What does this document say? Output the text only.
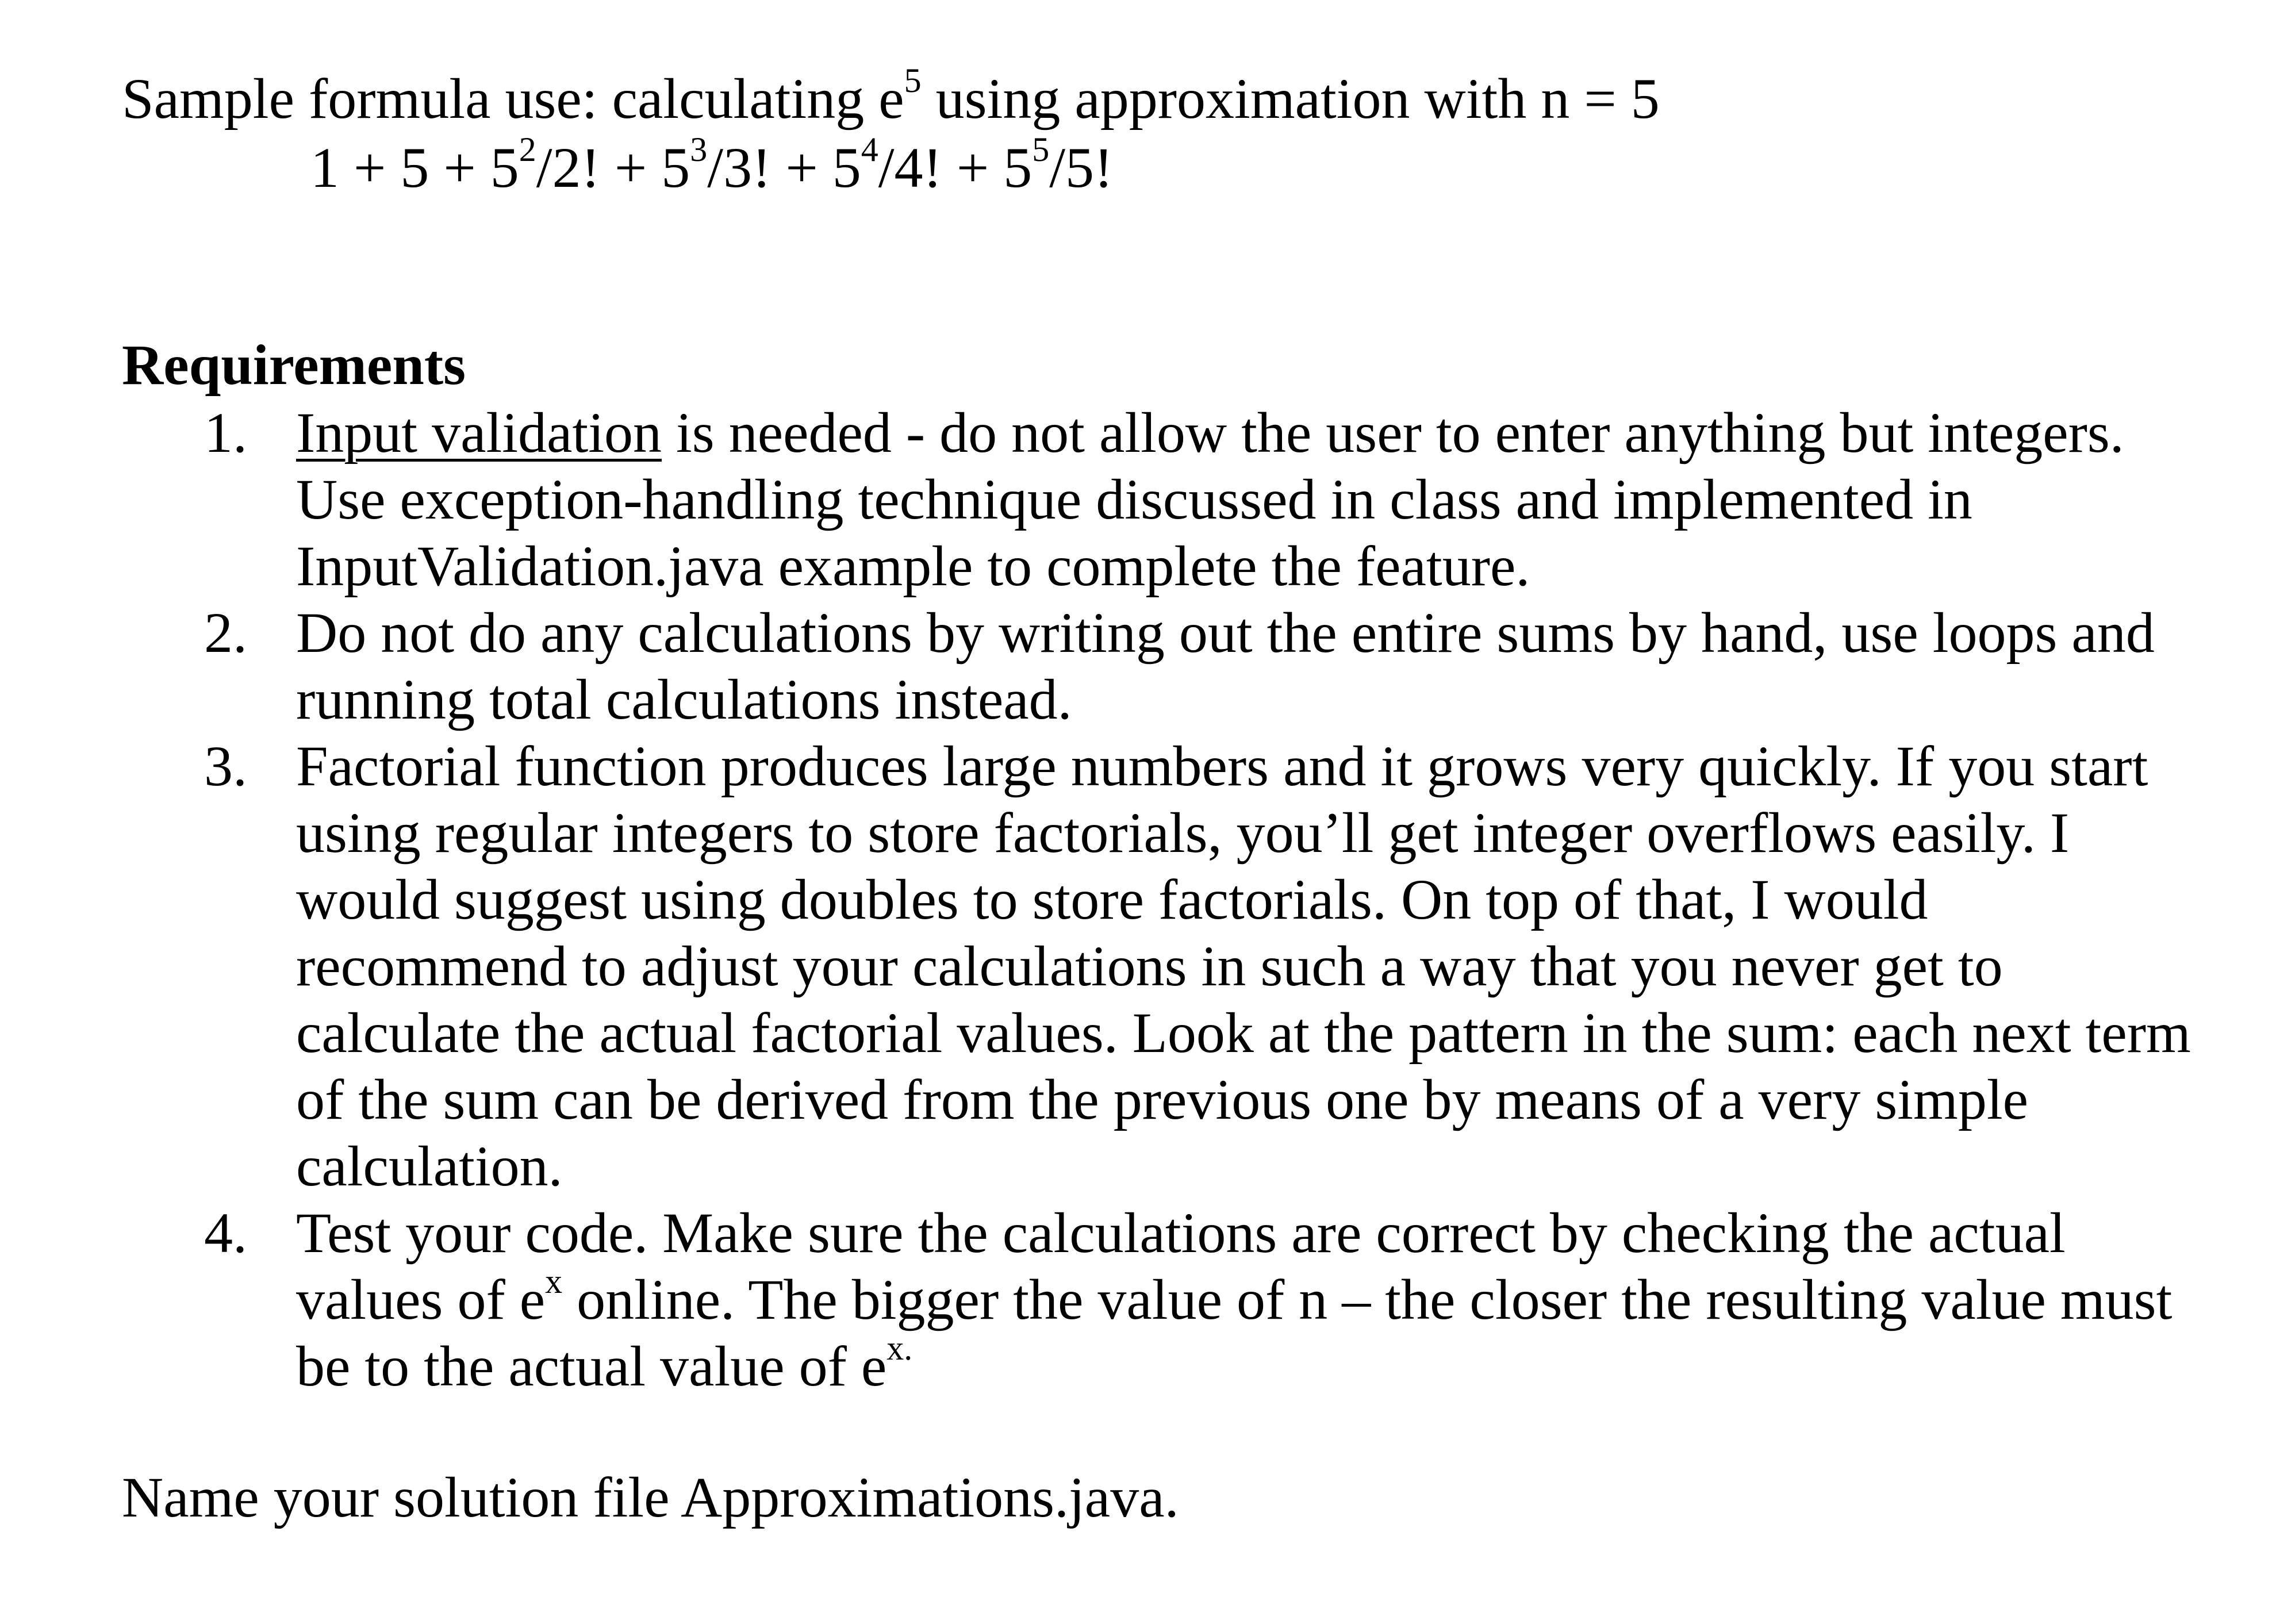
Sample formula use: calculating $e^5$ using approximation with n = 5
$1 + 5 + 5^2/2$! + $5^3/3$! + $5^4/4$! + $5^5/5$!
Requirements
1. Input validation is needed - do not allow the user to enter anything but integers.
Use exception-handling technique discussed in class and implemented in
InputValidation.java example to complete the feature.
2. Do not do any calculations by writing out the entire sums by hand, use loops and
running total calculations instead.
3. Factorial function produces large numbers and it grows very quickly. If you start
using regular integers to store factorials, you’ll get integer overflows easily. I
would suggest using doubles to store factorials. On top of that, I would
recommend to adjust your calculations in such a way that you never get to
calculate the actual factorial values. Look at the pattern in the sum: each next term
of the sum can be derived from the previous one by means of a very simple
calculation.
4. Test your code. Make sure the calculations are correct by checking the actual
values of $e^x$ online. The bigger the value of n – the closer the resulting value must
be to the actual value of $e^{x.}$
Name your solution file Approximations.java.
